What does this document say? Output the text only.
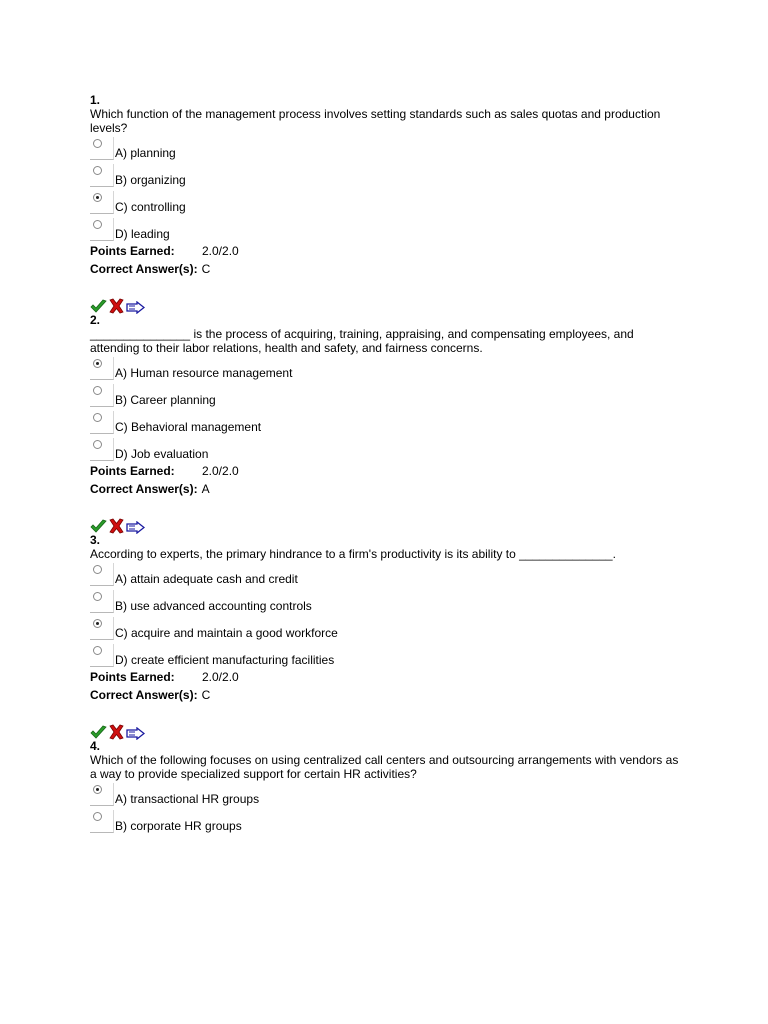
1.
Which function of the management process involves setting standards such as sales quotas and production levels?
A) planning
B) organizing
C) controlling
D) leading
Points Earned: 2.0/2.0
Correct Answer(s): C
2.
_______________ is the process of acquiring, training, appraising, and compensating employees, and attending to their labor relations, health and safety, and fairness concerns.
A) Human resource management
B) Career planning
C) Behavioral management
D) Job evaluation
Points Earned: 2.0/2.0
Correct Answer(s): A
3.
According to experts, the primary hindrance to a firm's productivity is its ability to ______________.
A) attain adequate cash and credit
B) use advanced accounting controls
C) acquire and maintain a good workforce
D) create efficient manufacturing facilities
Points Earned: 2.0/2.0
Correct Answer(s): C
4.
Which of the following focuses on using centralized call centers and outsourcing arrangements with vendors as a way to provide specialized support for certain HR activities?
A) transactional HR groups
B) corporate HR groups
